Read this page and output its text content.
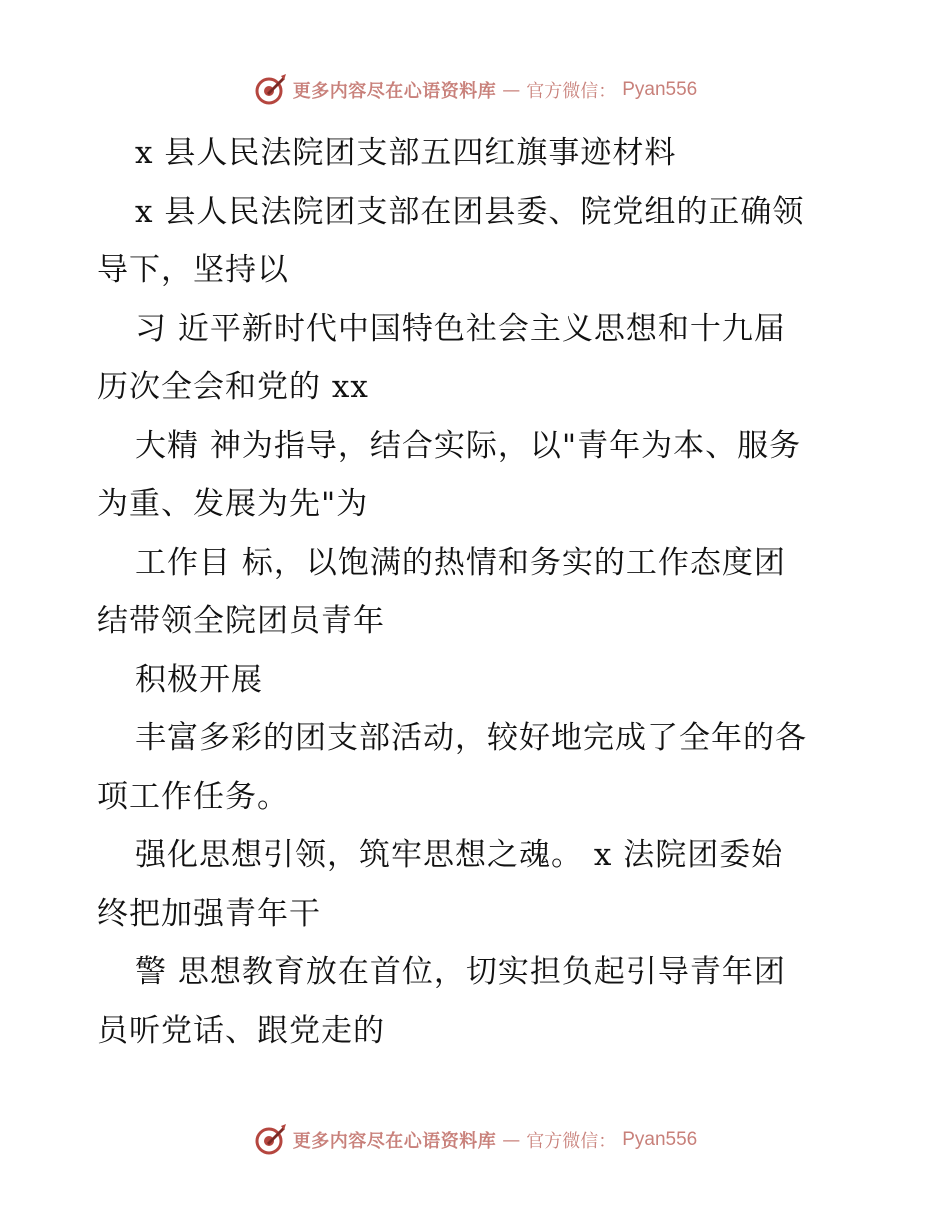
更多内容尽在心语资料库 — 官方微信： Pyan556
x 县人民法院团支部五四红旗事迹材料
x 县人民法院团支部在团县委、院党组的正确领
导下，坚持以
习 近平新时代中国特色社会主义思想和十九届
历次全会和党的 xx
大精 神为指导，结合实际，以"青年为本、服务
为重、发展为先"为
工作目 标，以饱满的热情和务实的工作态度团
结带领全院团员青年
积极开展
丰富多彩的团支部活动，较好地完成了全年的各
项工作任务。
强化思想引领，筑牢思想之魂。 x 法院团委始
终把加强青年干
警 思想教育放在首位，切实担负起引导青年团
员听党话、跟党走的
更多内容尽在心语资料库 — 官方微信： Pyan556
